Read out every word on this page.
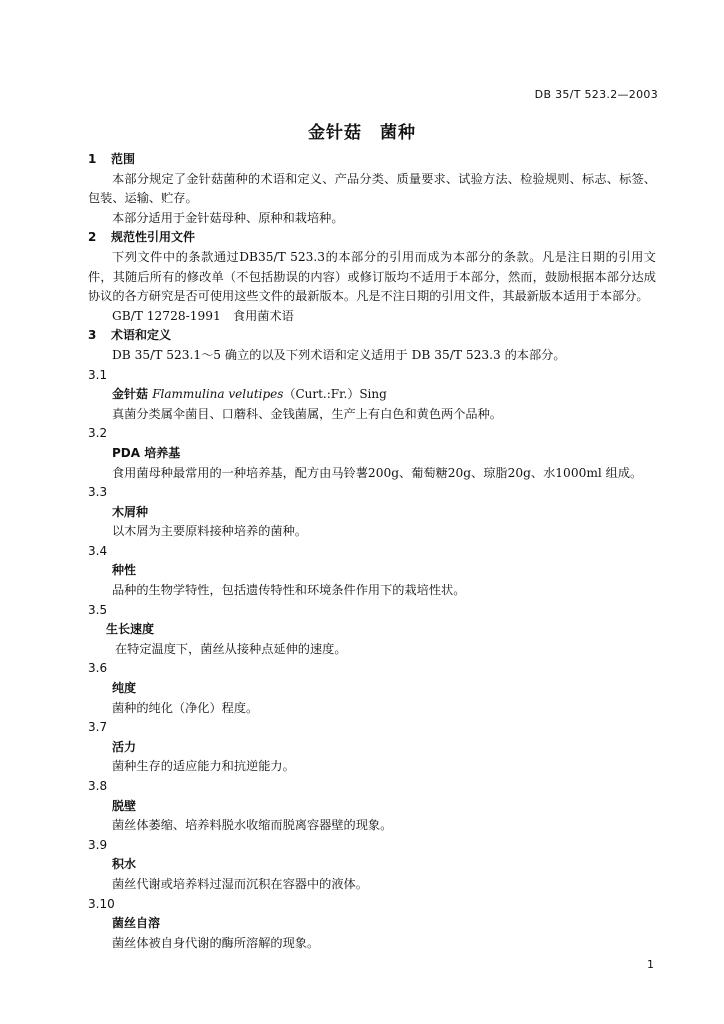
DB 35/T 523.2—2003
金针菇　菌种
1 范围
本部分规定了金针菇菌种的术语和定义、产品分类、质量要求、试验方法、检验规则、标志、标签、包装、运输、贮存。
本部分适用于金针菇母种、原种和栽培种。
2 规范性引用文件
下列文件中的条款通过DB35/T 523.3的本部分的引用而成为本部分的条款。凡是注日期的引用文件，其随后所有的修改单（不包括勘误的内容）或修订版均不适用于本部分，然而，鼓励根据本部分达成协议的各方研究是否可使用这些文件的最新版本。凡是不注日期的引用文件，其最新版本适用于本部分。
GB/T 12728-1991　食用菌术语
3 术语和定义
DB 35/T 523.1～5 确立的以及下列术语和定义适用于 DB 35/T 523.3 的本部分。
3.1
金针菇 Flammulina velutipes（Curt.:Fr.）Sing
真菌分类属伞菌目、口蘑科、金钱菌属，生产上有白色和黄色两个品种。
3.2
PDA 培养基
食用菌母种最常用的一种培养基，配方由马铃薯200g、葡萄糖20g、琼脂20g、水1000ml 组成。
3.3
木屑种
以木屑为主要原料接种培养的菌种。
3.4
种性
品种的生物学特性，包括遗传特性和环境条件作用下的栽培性状。
3.5
生长速度
在特定温度下，菌丝从接种点延伸的速度。
3.6
纯度
菌种的纯化（净化）程度。
3.7
活力
菌种生存的适应能力和抗逆能力。
3.8
脱壁
菌丝体萎缩、培养料脱水收缩而脱离容器壁的现象。
3.9
积水
菌丝代谢或培养料过湿而沉积在容器中的液体。
3.10
菌丝自溶
菌丝体被自身代谢的酶所溶解的现象。
1
